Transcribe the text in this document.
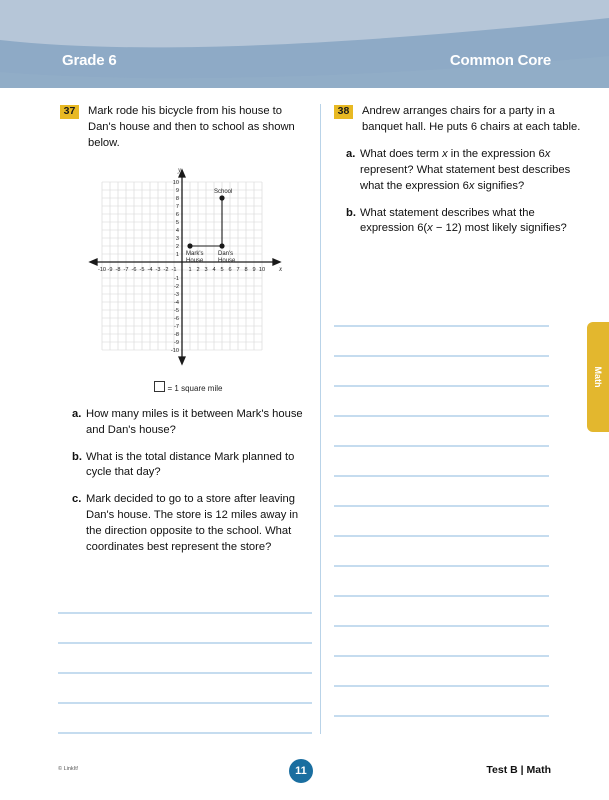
Grade 6	Common Core
Math
37	Mark rode his bicycle from his house to Dan's house and then to school as shown below.
y
x
-10 -9 -8 -7 -6 -5 -4 -3 -2 -1 1 2 3 4 5 6 7 8 9 10
10
9
8
7
6
5
4
3
2
1
-1
-2
-3
-4
-5
-6
-7
-8
-9
-10
Mark's
House
Dan's
House
School
= 1 square mile
a. How many miles is it between Mark's house and Dan's house?
b. What is the total distance Mark planned to cycle that day?
c. Mark decided to go to a store after leaving Dan's house. The store is 12 miles away in the direction opposite to the school. What coordinates best represent the store?
38	Andrew arranges chairs for a party in a banquet hall. He puts 6 chairs at each table.
a. What does term x in the expression 6x represent? What statement best describes what the expression 6x signifies?
b. What statement describes what the expression 6(x − 12) most likely signifies?
© LinkIt!	11	Test B | Math
